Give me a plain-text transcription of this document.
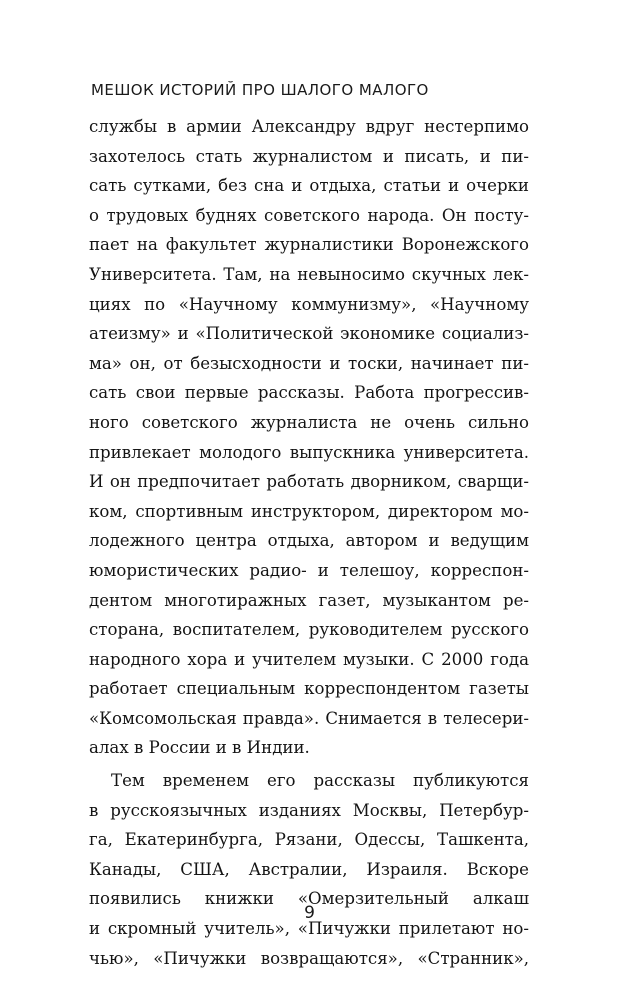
МЕШОК ИСТОРИЙ ПРО ШАЛОГО МАЛОГО
службы в армии Александру вдруг нестерпимо
захотелось стать журналистом и писать, и пи-
сать сутками, без сна и отдыха, статьи и очерки
о трудовых буднях советского народа. Он посту-
пает на факультет журналистики Воронежского
Университета. Там, на невыносимо скучных лек-
циях по «Научному коммунизму», «Научному
атеизму» и «Политической экономике социализ-
ма» он, от безысходности и тоски, начинает пи-
сать свои первые рассказы. Работа прогрессив-
ного советского журналиста не очень сильно
привлекает молодого выпускника университета.
И он предпочитает работать дворником, сварщи-
ком, спортивным инструктором, директором мо-
лодежного центра отдыха, автором и ведущим
юмористических радио- и телешоу, корреспон-
дентом многотиражных газет, музыкантом ре-
сторана, воспитателем, руководителем русского
народного хора и учителем музыки. С 2000 года
работает специальным корреспондентом газеты
«Комсомольская правда». Снимается в телесери-
алах в России и в Индии.
Тем временем его рассказы публикуются
в русскоязычных изданиях Москвы, Петербур-
га, Екатеринбурга, Рязани, Одессы, Ташкента,
Канады, США, Австралии, Израиля. Вскоре
появились книжки «Омерзительный алкаш
и скромный учитель», «Пичужки прилетают но-
чью», «Пичужки возвращаются», «Странник»,
9
